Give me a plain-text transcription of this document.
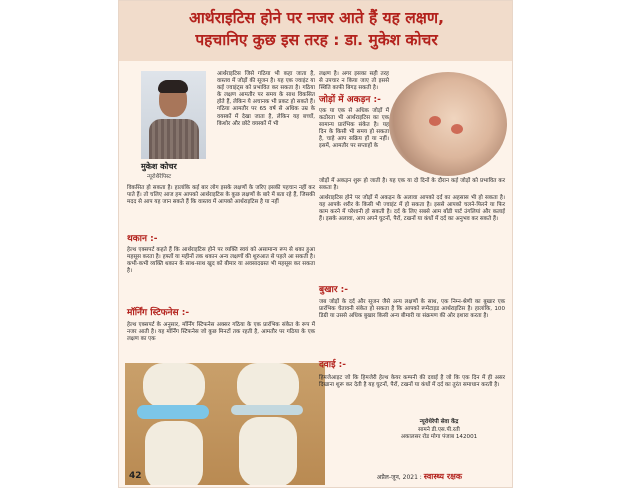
आर्थराइटिस होने पर नजर आते हैं यह लक्षण,
पहचानिए कुछ इस तरह : डा. मुकेश कोचर
मुकेश कोचर
न्यूरोथैरेपिस्ट
आर्थराइटिस जिसे गठिया भी कहा जाता है, वास्तव में जोड़ों की सूजन है। यह एक ज्वाइंट या कई ज्वाइंट्स को प्रभावित कर सकता है। गठिया के लक्षण आमतौर पर समय के साथ विकसित होते हैं, लेकिन ये अचानक भी प्रकट हो सकते हैं। गठिया आमतौर पर 65 वर्ष से अधिक उम्र के वयस्कों में देखा जाता है, लेकिन यह बच्चों, किशोर और छोटे वयस्कों में भी
विकसित हो सकता है। हालांकि कई बार लोग इसके लक्षणों के जरिए इसकी पहचान नहीं कर पाते हैं। तो चलिए आज हम आपको आर्थराइटिस के कुछ लक्षणों के बारे में बता रहे हैं, जिसकी मदद से आप यह जान सकते हैं कि वास्तव में आपको आर्थराइटिस है या नहीं
थकान :-
हेल्थ एक्सपर्ट कहते हैं कि आर्थराइटिस होने पर व्यक्ति स्वयं को असामान्य रूप से थका हुआ महसूस करता है। हफ्तों या महीनों तक थकान अन्य लक्षणों की शुरुआत से पहले आ सकती है। कभी-कभी व्यक्ति थकान के साथ-साथ खुद को बीमार या अवसादग्रस्त भी महसूस कर सकता है।
मॉर्निंग स्टिफनेस :-
हेल्थ एक्सपर्ट के अनुसार, मॉर्निंग स्टिफनेस अक्सर गठिया के एक प्रारंभिक संकेत के रूप में नजर आती है। यह मॉर्निंग स्टिफनेस जो कुछ मिनटों तक रहती है, आमतौर पर गठिया के एक लक्षण का एक
लक्षण है। अगर इसका सही तरह से उपचार न किया जाए तो इससे स्थिति काफी बिगड़ सकती है।
जोड़ों में अकड़न :-
एक या एक से अधिक जोड़ों में कठोरता भी आर्थराइटिस का एक सामान्य प्रारंभिक संकेत है। यह दिन के किसी भी समय हो सकता है, चाहे आप सक्रिय हों या नहीं। इसमें, आमतौर पर सप्ताहों के
जोड़ों में अकड़न शुरू हो जाती है। यह एक या दो दिनों के दौरान कई जोड़ों को प्रभावित कर सकता है।
आर्थराइटिस होने पर जोड़ों में अकड़न के अलावा आपको दर्द का अहसास भी हो सकता है। यह आपके शरीर के किसी भी ज्वाइंट में हो सकता है। इससे आपको चलने-फिरने या फिर काम करने में परेशानी हो सकती है। दर्द के लिए सबसे आम बॉडी पार्ट उंगलियां और कलाई हैं। इसके अलावा, आप अपने घुटनों, पैरों, टखनों या कंधों में दर्द का अनुभव कर सकते हैं।
बुखार :-
जब जोड़ों के दर्द और सूजन जैसे अन्य लक्षणों के साथ, एक निम्न-श्रेणी का बुखार एक प्रारंभिक चेतावनी संकेत हो सकता है कि आपको रूमेटाइड आर्थराइटिस है। हालांकि, 100 डिग्री या उससे अधिक बुखार किसी अन्य बीमारी या संक्रमण की ओर इशारा करता है।
दवाई :-
हिमजेआइट जो कि हिमजेरी हेल्थ केयर कम्पनी की दवाई है जो कि एक दिन में ही असर दिखाना शुरू कर देती है यह घुटनों, पैरों, टखनों या कंधों में दर्द का तुरंत समाधान करती है।
न्यूरोथेरेपी सेवा केंद्र
सामने डी.एस.पी.रती
अकालसर रोड मोगा पंजाब 142001
42	अप्रैल-जून, 2021 : स्वास्थ्य रक्षक
